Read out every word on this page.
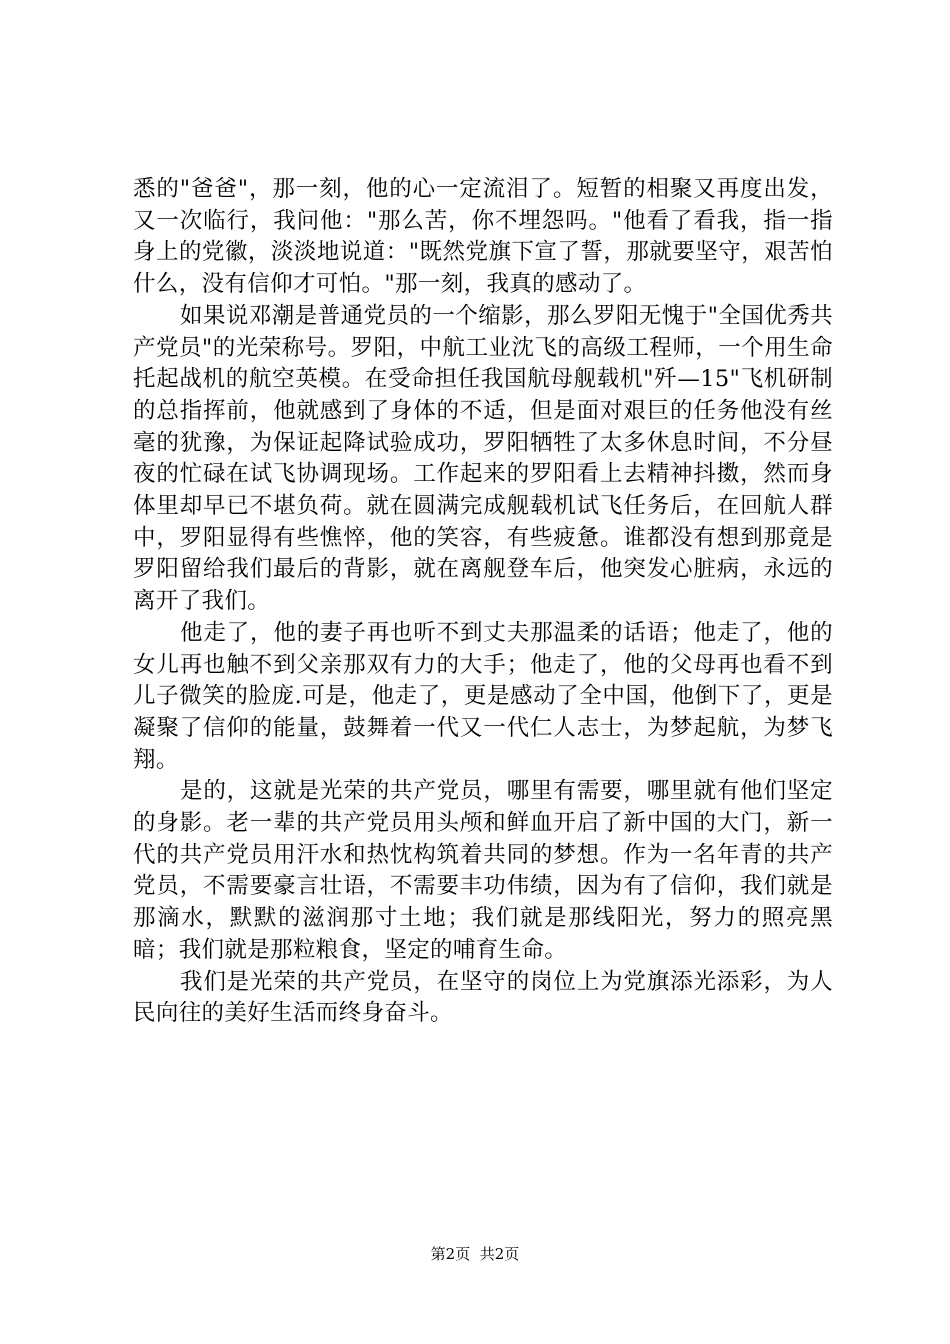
悉的"爸爸"，那一刻，他的心一定流泪了。短暂的相聚又再度出发，又一次临行，我问他："那么苦，你不埋怨吗。"他看了看我，指一指身上的党徽，淡淡地说道："既然党旗下宣了誓，那就要坚守，艰苦怕什么，没有信仰才可怕。"那一刻，我真的感动了。

如果说邓潮是普通党员的一个缩影，那么罗阳无愧于"全国优秀共产党员"的光荣称号。罗阳，中航工业沈飞的高级工程师，一个用生命托起战机的航空英模。在受命担任我国航母舰载机"歼—15"飞机研制的总指挥前，他就感到了身体的不适，但是面对艰巨的任务他没有丝毫的犹豫，为保证起降试验成功，罗阳牺牲了太多休息时间，不分昼夜的忙碌在试飞协调现场。工作起来的罗阳看上去精神抖擞，然而身体里却早已不堪负荷。就在圆满完成舰载机试飞任务后，在回航人群中，罗阳显得有些憔悴，他的笑容，有些疲惫。谁都没有想到那竟是罗阳留给我们最后的背影，就在离舰登车后，他突发心脏病，永远的离开了我们。

他走了，他的妻子再也听不到丈夫那温柔的话语；他走了，他的女儿再也触不到父亲那双有力的大手；他走了，他的父母再也看不到儿子微笑的脸庞.可是，他走了，更是感动了全中国，他倒下了，更是凝聚了信仰的能量，鼓舞着一代又一代仁人志士，为梦起航，为梦飞翔。

是的，这就是光荣的共产党员，哪里有需要，哪里就有他们坚定的身影。老一辈的共产党员用头颅和鲜血开启了新中国的大门，新一代的共产党员用汗水和热忱构筑着共同的梦想。作为一名年青的共产党员，不需要豪言壮语，不需要丰功伟绩，因为有了信仰，我们就是那滴水，默默的滋润那寸土地；我们就是那线阳光，努力的照亮黑暗；我们就是那粒粮食，坚定的哺育生命。

我们是光荣的共产党员，在坚守的岗位上为党旗添光添彩，为人民向往的美好生活而终身奋斗。

第2页 共2页
